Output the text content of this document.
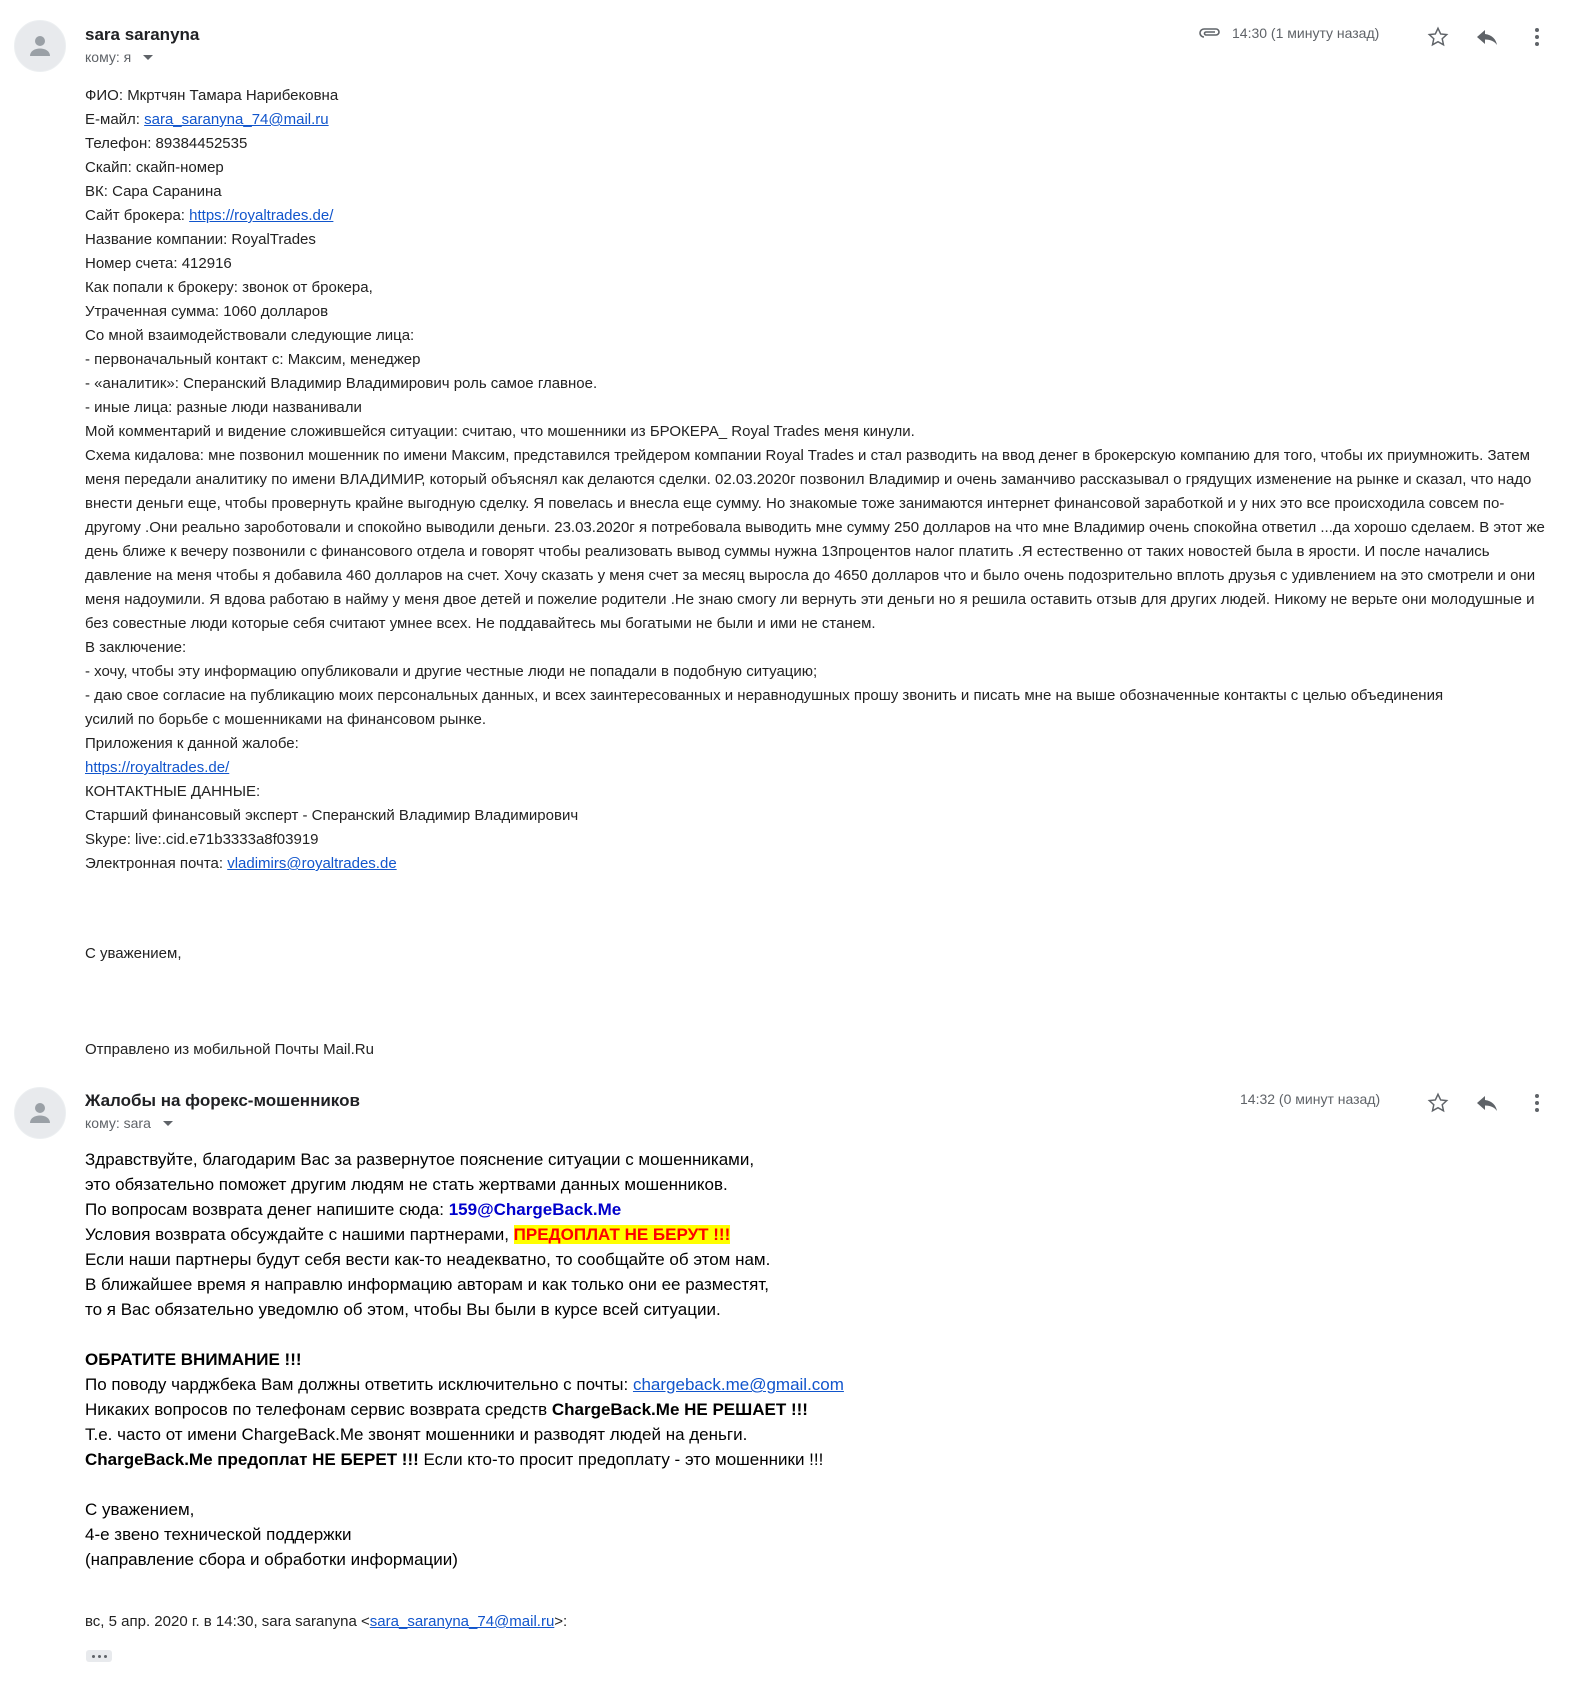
sara saranyna
кому: я
14:30 (1 минуту назад)
ФИО: Мкртчян Тамара Нарибековна
Е-майл: sara_saranyna_74@mail.ru
Телефон: 89384452535
Скайп: скайп-номер
ВК: Сара Саранина
Сайт брокера: https://royaltrades.de/
Название компании: RoyalTrades
Номер счета: 412916
Как попали к брокеру: звонок от брокера,
Утраченная сумма: 1060 долларов
Со мной взаимодействовали следующие лица:
- первоначальный контакт с: Максим, менеджер
- «аналитик»: Сперанский Владимир Владимирович роль самое главное.
- иные лица: разные люди названивали
Мой комментарий и видение сложившейся ситуации: считаю, что мошенники из БРОКЕРА_ Royal Trades меня кинули.
Схема кидалова: мне позвонил мошенник по имени Максим, представился трейдером компании Royal Trades и стал разводить на ввод денег в брокерскую компанию для того, чтобы их приумножить. Затем меня передали аналитику по имени ВЛАДИМИР, который объяснял как делаются сделки. 02.03.2020г позвонил Владимир и очень заманчиво рассказывал о грядущих изменение на рынке и сказал, что надо внести деньги еще, чтобы провернуть крайне выгодную сделку. Я повелась и внесла еще сумму. Но знакомые тоже занимаются интернет финансовой заработкой и у них это все происходила совсем по-другому .Они реально зароботовали и спокойно выводили деньги. 23.03.2020г я потребовала выводить мне сумму 250 долларов на что мне Владимир очень спокойна ответил ...да хорошо сделаем. В этот же день ближе к вечеру позвонили с финансового отдела и говорят чтобы реализовать вывод суммы нужна 13процентов налог платить .Я естественно от таких новостей была в ярости. И после начались давление на меня чтобы я добавила 460 долларов на счет. Хочу сказать у меня счет за месяц выросла до 4650 долларов что и было очень подозрительно вплоть друзья с удивлением на это смотрели и они меня надоумили. Я вдова работаю в найму у меня двое детей и пожелие родители .Не знаю смогу ли вернуть эти деньги но я решила оставить отзыв для других людей. Никому не верьте они молодушные и без совестные люди которые себя считают умнее всех. Не поддавайтесь мы богатыми не были и ими не станем.
В заключение:
- хочу, чтобы эту информацию опубликовали и другие честные люди не попадали в подобную ситуацию;
- даю свое согласие на публикацию моих персональных данных, и всех заинтересованных и неравнодушных прошу звонить и писать мне на выше обозначенные контакты с целью объединения усилий по борьбе с мошенниками на финансовом рынке.
Приложения к данной жалобе:
https://royaltrades.de/
КОНТАКТНЫЕ ДАННЫЕ:
Старший финансовый эксперт - Сперанский Владимир Владимирович
Skype: live:.cid.e71b3333a8f03919
Электронная почта: vladimirs@royaltrades.de
С уважением,
Отправлено из мобильной Почты Mail.Ru
Жалобы на форекс-мошенников
кому: sara
14:32 (0 минут назад)
Здравствуйте, благодарим Вас за развернутое пояснение ситуации с мошенниками,
это обязательно поможет другим людям не стать жертвами данных мошенников.
По вопросам возврата денег напишите сюда: 159@ChargeBack.Me
Условия возврата обсуждайте с нашими партнерами, ПРЕДОПЛАТ НЕ БЕРУТ !!!
Если наши партнеры будут себя вести как-то неадекватно, то сообщайте об этом нам.
В ближайшее время я направлю информацию авторам и как только они ее разместят,
то я Вас обязательно уведомлю об этом, чтобы Вы были в курсе всей ситуации.
ОБРАТИТЕ ВНИМАНИЕ !!!
По поводу чарджбека Вам должны ответить исключительно с почты: chargeback.me@gmail.com
Никаких вопросов по телефонам сервис возврата средств ChargeBack.Me НЕ РЕШАЕТ !!!
Т.е. часто от имени ChargeBack.Me звонят мошенники и разводят людей на деньги.
ChargeBack.Me предоплат НЕ БЕРЕТ !!! Если кто-то просит предоплату - это мошенники !!!
С уважением,
4-е звено технической поддержки
(направление сбора и обработки информации)
вс, 5 апр. 2020 г. в 14:30, sara saranyna <sara_saranyna_74@mail.ru>:
